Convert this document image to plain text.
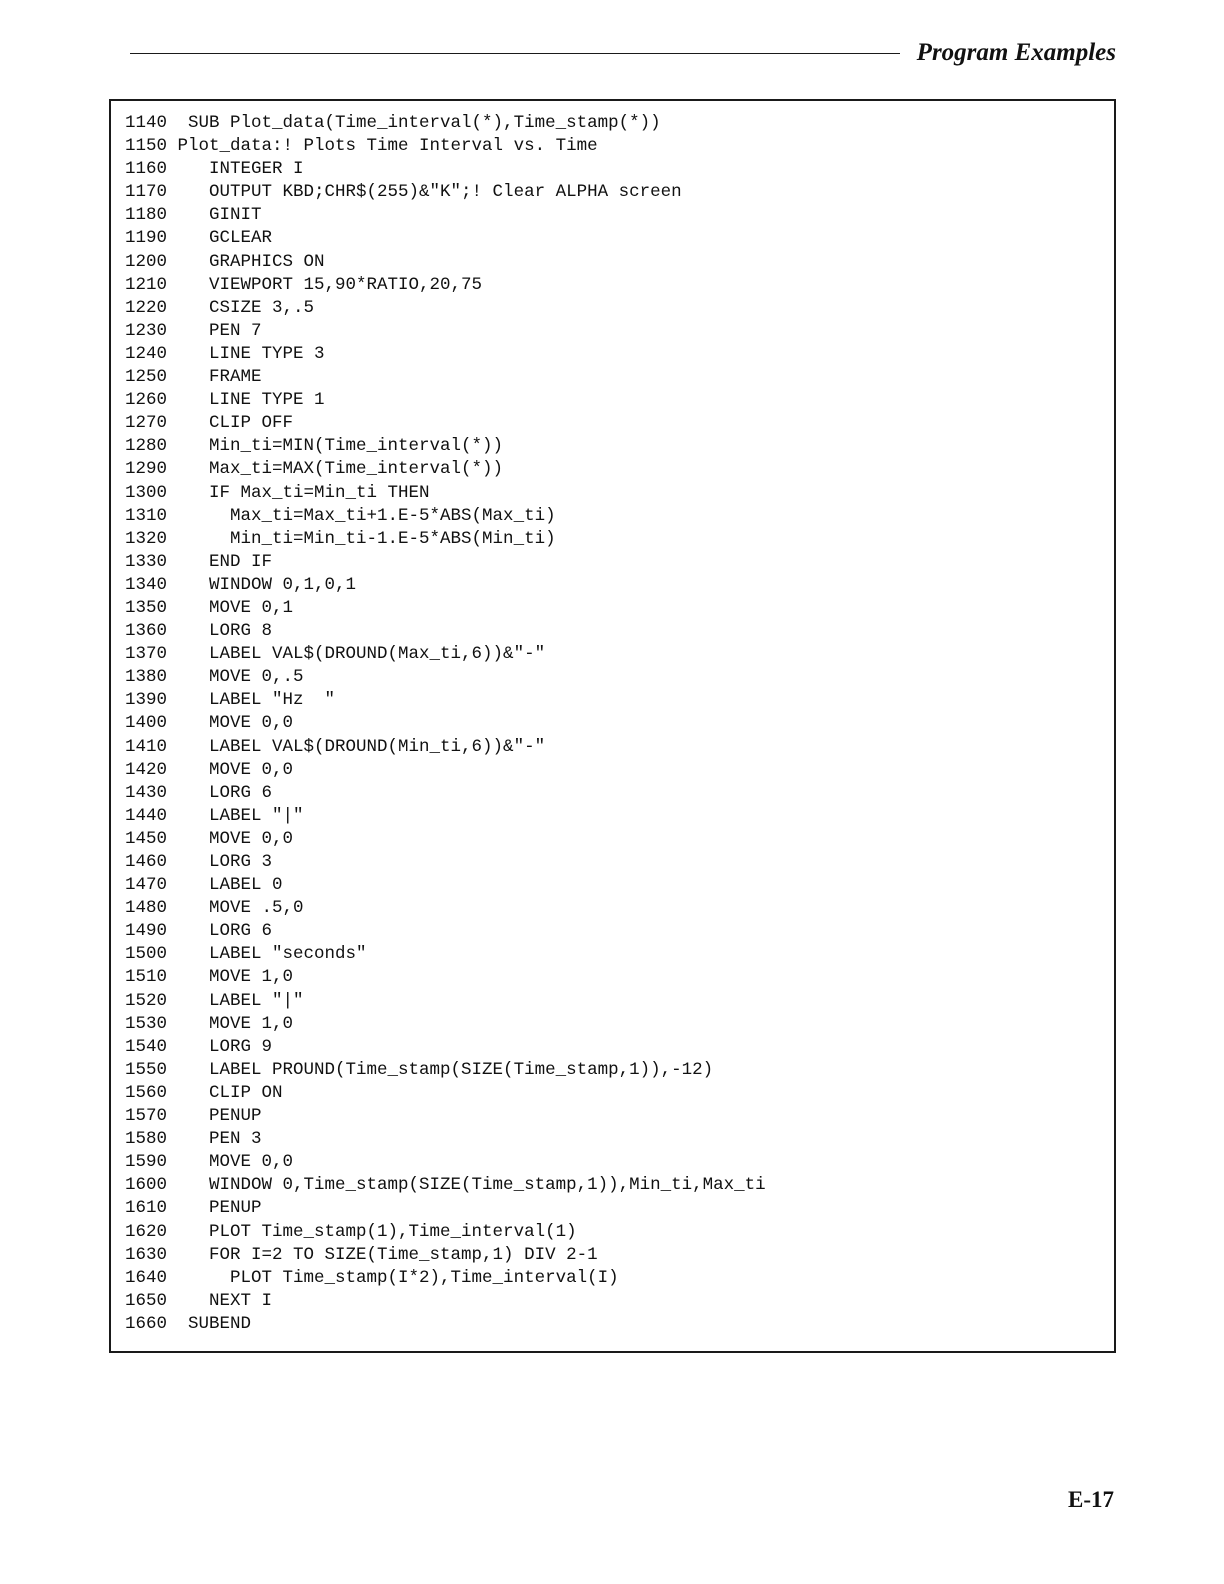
Program Examples
1140  SUB Plot_data(Time_interval(*),Time_stamp(*))
1150 Plot_data:! Plots Time Interval vs. Time
1160    INTEGER I
1170    OUTPUT KBD;CHR$(255)&"K";! Clear ALPHA screen
1180    GINIT
1190    GCLEAR
1200    GRAPHICS ON
1210    VIEWPORT 15,90*RATIO,20,75
1220    CSIZE 3,.5
1230    PEN 7
1240    LINE TYPE 3
1250    FRAME
1260    LINE TYPE 1
1270    CLIP OFF
1280    Min_ti=MIN(Time_interval(*))
1290    Max_ti=MAX(Time_interval(*))
1300    IF Max_ti=Min_ti THEN
1310      Max_ti=Max_ti+1.E-5*ABS(Max_ti)
1320      Min_ti=Min_ti-1.E-5*ABS(Min_ti)
1330    END IF
1340    WINDOW 0,1,0,1
1350    MOVE 0,1
1360    LORG 8
1370    LABEL VAL$(DROUND(Max_ti,6))&"-"
1380    MOVE 0,.5
1390    LABEL "Hz  "
1400    MOVE 0,0
1410    LABEL VAL$(DROUND(Min_ti,6))&"-"
1420    MOVE 0,0
1430    LORG 6
1440    LABEL "|"
1450    MOVE 0,0
1460    LORG 3
1470    LABEL 0
1480    MOVE .5,0
1490    LORG 6
1500    LABEL "seconds"
1510    MOVE 1,0
1520    LABEL "|"
1530    MOVE 1,0
1540    LORG 9
1550    LABEL PROUND(Time_stamp(SIZE(Time_stamp,1)),-12)
1560    CLIP ON
1570    PENUP
1580    PEN 3
1590    MOVE 0,0
1600    WINDOW 0,Time_stamp(SIZE(Time_stamp,1)),Min_ti,Max_ti
1610    PENUP
1620    PLOT Time_stamp(1),Time_interval(1)
1630    FOR I=2 TO SIZE(Time_stamp,1) DIV 2-1
1640      PLOT Time_stamp(I*2),Time_interval(I)
1650    NEXT I
1660  SUBEND
E-17
